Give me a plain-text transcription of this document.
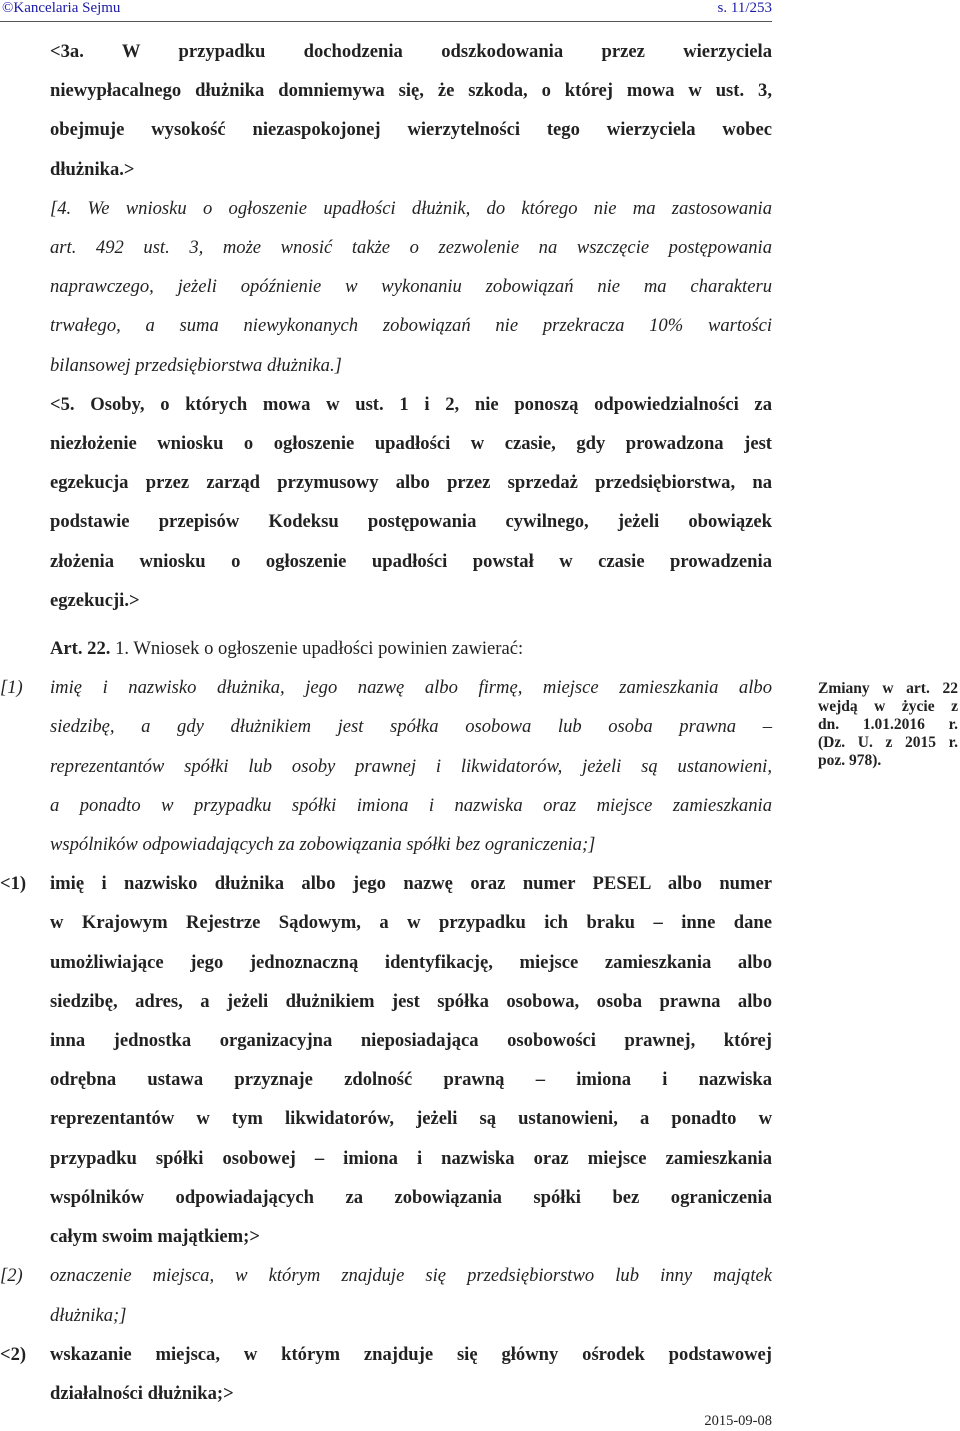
©Kancelaria Sejmu	s. 11/253
<3a. W przypadku dochodzenia odszkodowania przez wierzyciela
niewypłacalnego dłużnika domniemywa się, że szkoda, o której mowa w ust. 3,
obejmuje wysokość niezaspokojonej wierzytelności tego wierzyciela wobec
dłużnika.>
[4. We wniosku o ogłoszenie upadłości dłużnik, do którego nie ma zastosowania
art. 492 ust. 3, może wnosić także o zezwolenie na wszczęcie postępowania
naprawczego, jeżeli opóźnienie w wykonaniu zobowiązań nie ma charakteru
trwałego, a suma niewykonanych zobowiązań nie przekracza 10% wartości
bilansowej przedsiębiorstwa dłużnika.]
<5. Osoby, o których mowa w ust. 1 i 2, nie ponoszą odpowiedzialności za
niezłożenie wniosku o ogłoszenie upadłości w czasie, gdy prowadzona jest
egzekucja przez zarząd przymusowy albo przez sprzedaż przedsiębiorstwa, na
podstawie przepisów Kodeksu postępowania cywilnego, jeżeli obowiązek
złożenia wniosku o ogłoszenie upadłości powstał w czasie prowadzenia
egzekucji.>
Art. 22. 1. Wniosek o ogłoszenie upadłości powinien zawierać:
[1) imię i nazwisko dłużnika, jego nazwę albo firmę, miejsce zamieszkania albo
siedzibę, a gdy dłużnikiem jest spółka osobowa lub osoba prawna –
reprezentantów spółki lub osoby prawnej i likwidatorów, jeżeli są ustanowieni,
a ponadto w przypadku spółki imiona i nazwiska oraz miejsce zamieszkania
wspólników odpowiadających za zobowiązania spółki bez ograniczenia;]
<1) imię i nazwisko dłużnika albo jego nazwę oraz numer PESEL albo numer
w Krajowym Rejestrze Sądowym, a w przypadku ich braku – inne dane
umożliwiające jego jednoznaczną identyfikację, miejsce zamieszkania albo
siedzibę, adres, a jeżeli dłużnikiem jest spółka osobowa, osoba prawna albo
inna jednostka organizacyjna nieposiadająca osobowości prawnej, której
odrębna ustawa przyznaje zdolność prawną – imiona i nazwiska
reprezentantów w tym likwidatorów, jeżeli są ustanowieni, a ponadto w
przypadku spółki osobowej – imiona i nazwiska oraz miejsce zamieszkania
wspólników odpowiadających za zobowiązania spółki bez ograniczenia
całym swoim majątkiem;>
[2) oznaczenie miejsca, w którym znajduje się przedsiębiorstwo lub inny majątek
dłużnika;]
<2) wskazanie miejsca, w którym znajduje się główny ośrodek podstawowej
działalności dłużnika;>
Zmiany w art. 22
wejdą w życie z
dn. 1.01.2016 r.
(Dz. U. z 2015 r.
poz. 978).
2015-09-08
